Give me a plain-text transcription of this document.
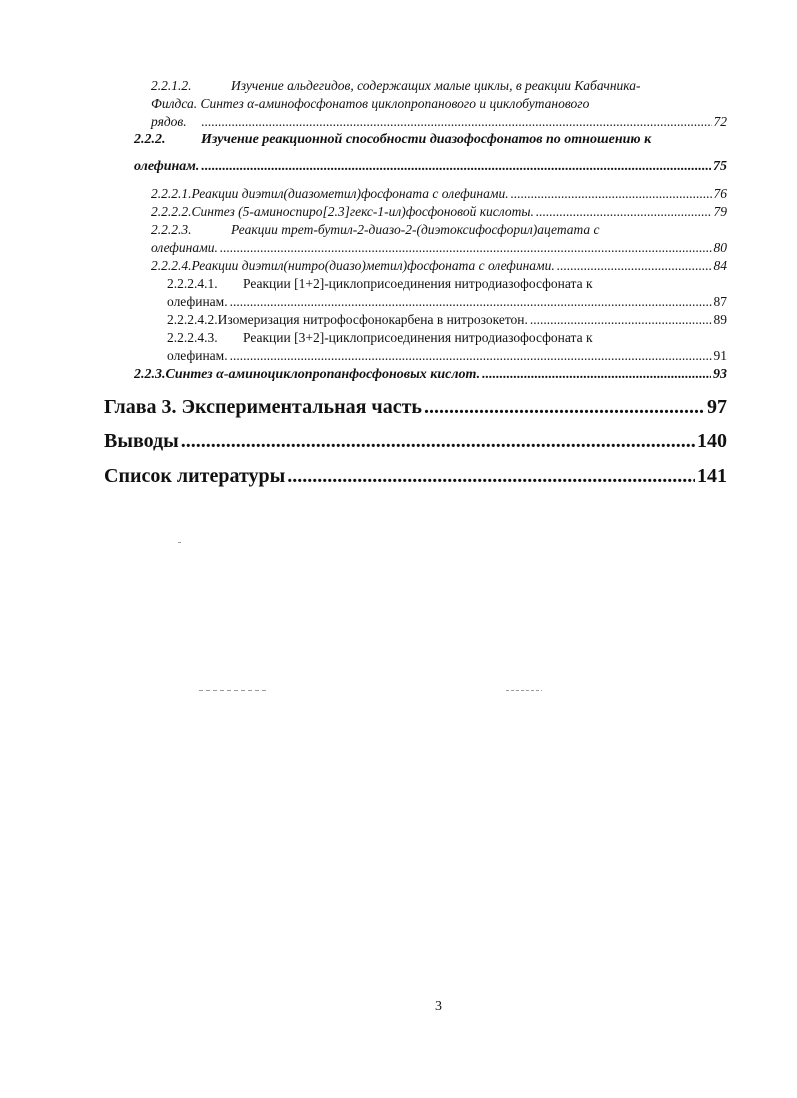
2.2.1.2.	Изучение альдегидов, содержащих малые циклы, в реакции Кабачника-
Филдса. Синтез α-аминофосфонатов циклопропанового и циклобутанового
рядов. .....	72
2.2.2.	Изучение реакционной способности диазофосфонатов по отношению к
олефинам. .....	75
2.2.2.1. Реакции диэтил(диазометил)фосфоната с олефинами. .....	76
2.2.2.2. Синтез (5-аминоспиро[2.3]гекс-1-ил)фосфоновой кислоты. .....	79
2.2.2.3.	Реакции трет-бутил-2-диазо-2-(диэтоксифосфорил)ацетата с
олефинами. .....	80
2.2.2.4. Реакции диэтил(нитро(диазо)метил)фосфоната с олефинами. .....	84
2.2.2.4.1. Реакции [1+2]-циклоприсоединения нитродиазофосфоната к
олефинам. .....	87
2.2.2.4.2. Изомеризация нитрофосфонокарбена в нитрозокетон. .....	89
2.2.2.4.3. Реакции [3+2]-циклоприсоединения нитродиазофосфоната к
олефинам. .....	91
2.2.3. Синтез α-аминоциклопропанфосфоновых кислот. .....	93
Глава 3. Экспериментальная часть .....	97
Выводы .....	140
Список литературы .....	141
3
